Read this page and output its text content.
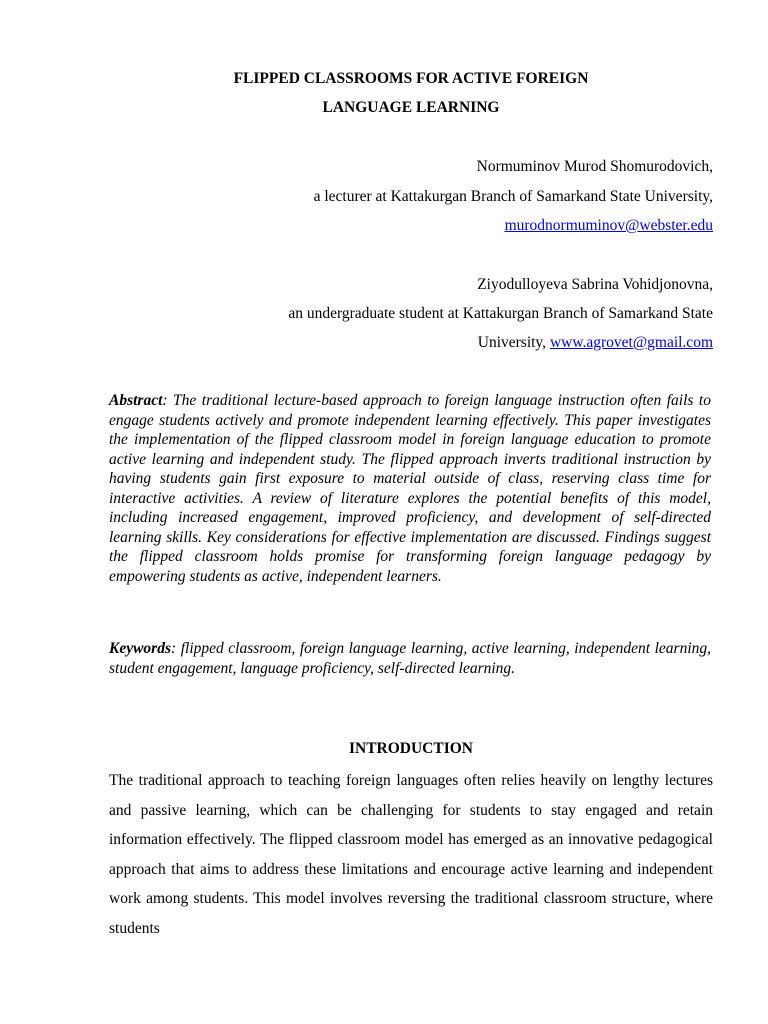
FLIPPED CLASSROOMS FOR ACTIVE FOREIGN
LANGUAGE LEARNING
Normuminov Murod Shomurodovich,
a lecturer at Kattakurgan Branch of Samarkand State University,
murodnormuminov@webster.edu
Ziyodulloyeva Sabrina Vohidjonovna,
an undergraduate student at Kattakurgan Branch of Samarkand State
University, www.agrovet@gmail.com

Abstract: The traditional lecture-based approach to foreign language instruction often fails to engage students actively and promote independent learning effectively. This paper investigates the implementation of the flipped classroom model in foreign language education to promote active learning and independent study. The flipped approach inverts traditional instruction by having students gain first exposure to material outside of class, reserving class time for interactive activities. A review of literature explores the potential benefits of this model, including increased engagement, improved proficiency, and development of self-directed learning skills. Key considerations for effective implementation are discussed. Findings suggest the flipped classroom holds promise for transforming foreign language pedagogy by empowering students as active, independent learners.

Keywords: flipped classroom, foreign language learning, active learning, independent learning, student engagement, language proficiency, self-directed learning.

INTRODUCTION

The traditional approach to teaching foreign languages often relies heavily on lengthy lectures and passive learning, which can be challenging for students to stay engaged and retain information effectively. The flipped classroom model has emerged as an innovative pedagogical approach that aims to address these limitations and encourage active learning and independent work among students. This model involves reversing the traditional classroom structure, where students
